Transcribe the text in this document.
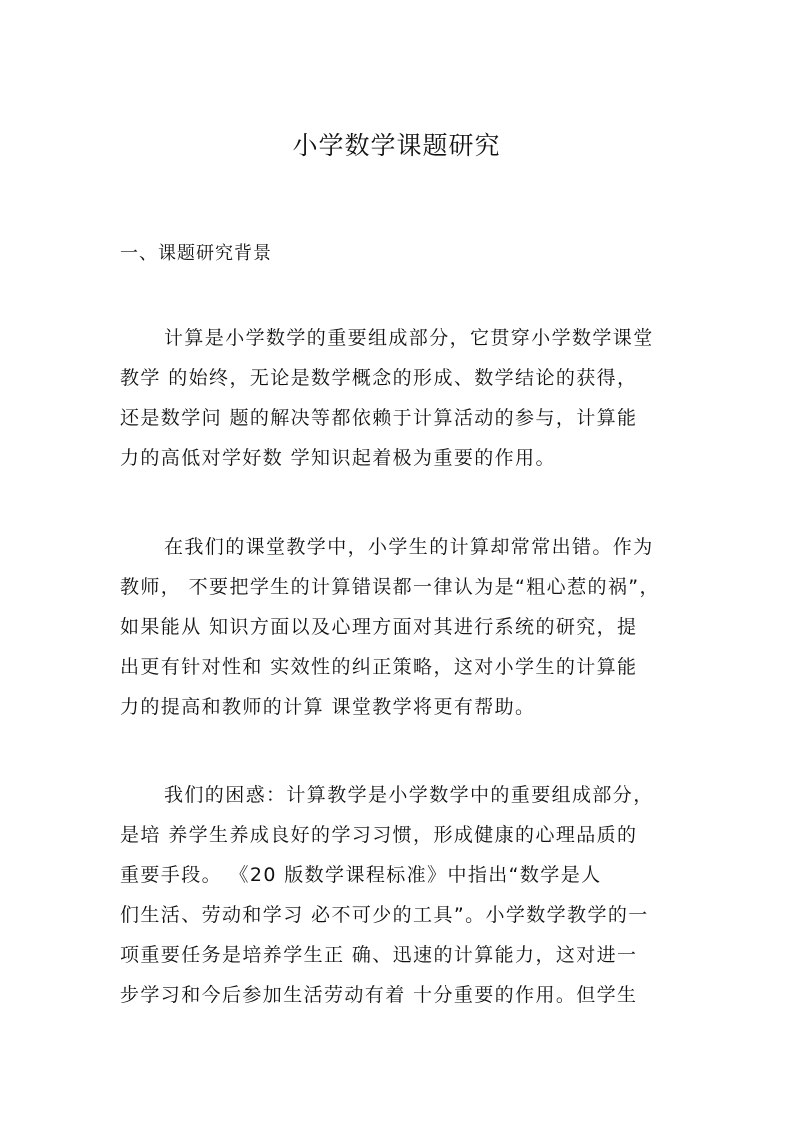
小学数学课题研究
一、课题研究背景
计算是小学数学的重要组成部分，它贯穿小学数学课堂
教学 的始终，无论是数学概念的形成、数学结论的获得，
还是数学问 题的解决等都依赖于计算活动的参与，计算能
力的高低对学好数 学知识起着极为重要的作用。
在我们的课堂教学中，小学生的计算却常常出错。作为
教师， 不要把学生的计算错误都一律认为是“粗心惹的祸”，
如果能从 知识方面以及心理方面对其进行系统的研究，提
出更有针对性和 实效性的纠正策略，这对小学生的计算能
力的提高和教师的计算 课堂教学将更有帮助。
我们的困惑：计算教学是小学数学中的重要组成部分，
是培 养学生养成良好的学习习惯，形成健康的心理品质的
重要手段。 《20 版数学课程标准》中指出“数学是人
们生活、劳动和学习 必不可少的工具”。小学数学教学的一
项重要任务是培养学生正 确、迅速的计算能力，这对进一
步学习和今后参加生活劳动有着 十分重要的作用。但学生
